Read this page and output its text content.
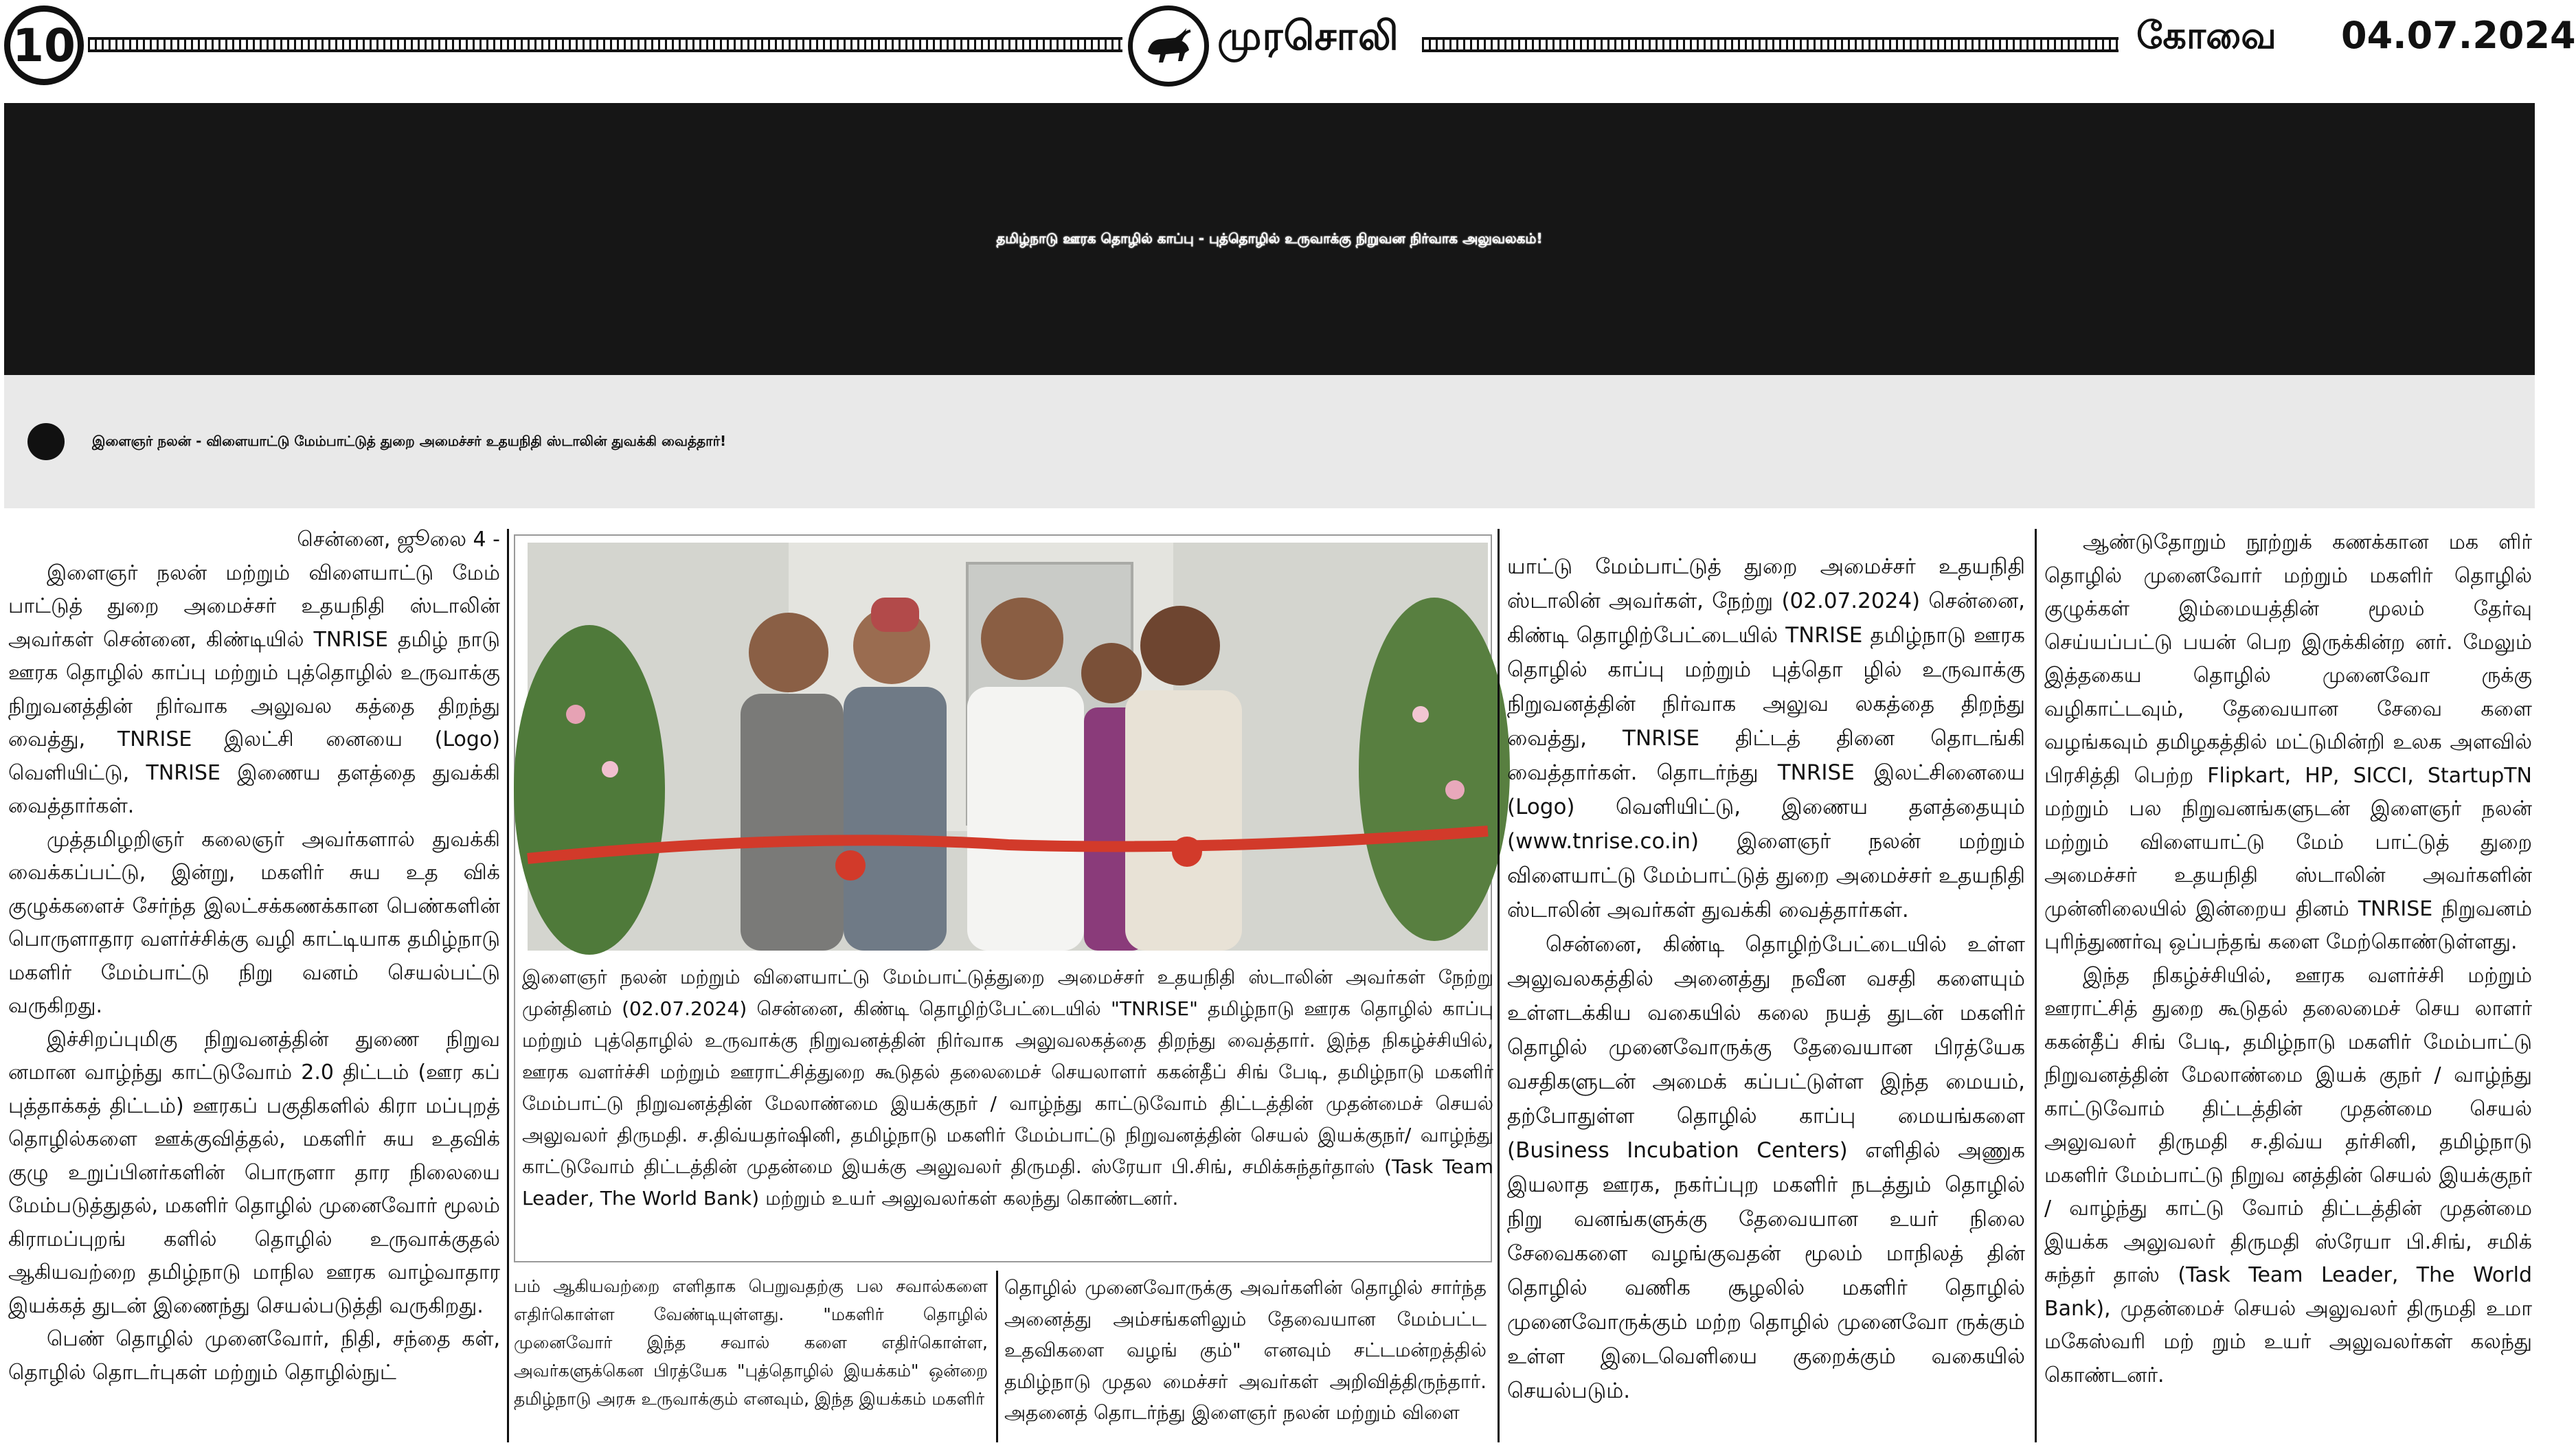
10	முரசொலி	கோவை 04.07.2024
தமிழ்நாடு ஊரக தொழில் காப்பு - புத்தொழில் உருவாக்கு நிறுவன நிர்வாக அலுவலகம்!
இளைஞர் நலன் - விளையாட்டு மேம்பாட்டுத் துறை அமைச்சர் உதயநிதி ஸ்டாலின் துவக்கி வைத்தார்!

சென்னை, ஜூலை 4 -

இளைஞர் நலன் மற்றும் விளையாட்டு மேம் பாட்டுத் துறை அமைச்சர் உதயநிதி ஸ்டாலின் அவர்கள் சென்னை, கிண்டியில் TNRISE தமிழ் நாடு ஊரக தொழில் காப்பு மற்றும் புத்தொழில் உருவாக்கு நிறுவனத்தின் நிர்வாக அலுவல கத்தை திறந்து வைத்து, TNRISE இலட்சி னையை (Logo) வெளியிட்டு, TNRISE இணைய தளத்தை துவக்கி வைத்தார்கள்.

முத்தமிழறிஞர் கலைஞர் அவர்களால் துவக்கி வைக்கப்பட்டு, இன்று, மகளிர் சுய உத விக் குழுக்களைச் சேர்ந்த இலட்சக்கணக்கான பெண்களின் பொருளாதார வளர்ச்சிக்கு வழி காட்டியாக தமிழ்நாடு மகளிர் மேம்பாட்டு நிறு வனம் செயல்பட்டு வருகிறது.

இச்சிறப்புமிகு நிறுவனத்தின் துணை நிறுவ னமான வாழ்ந்து காட்டுவோம் 2.0 திட்டம் (ஊர கப் புத்தாக்கத் திட்டம்) ஊரகப் பகுதிகளில் கிரா மப்புறத் தொழில்களை ஊக்குவித்தல், மகளிர் சுய உதவிக் குழு உறுப்பினர்களின் பொருளா தார நிலையை மேம்படுத்துதல், மகளிர் தொழில் முனைவோர் மூலம் கிராமப்புறங் களில் தொழில் உருவாக்குதல் ஆகியவற்றை தமிழ்நாடு மாநில ஊரக வாழ்வாதார இயக்கத் துடன் இணைந்து செயல்படுத்தி வருகிறது.

பெண் தொழில் முனைவோர், நிதி, சந்தை கள், தொழில் தொடர்புகள் மற்றும் தொழில்நுட்

இளைஞர் நலன் மற்றும் விளையாட்டு மேம்பாட்டுத்துறை அமைச்சர் உதயநிதி ஸ்டாலின் அவர்கள் நேற்று முன்தினம் (02.07.2024) சென்னை, கிண்டி தொழிற்பேட்டையில் "TNRISE" தமிழ்நாடு ஊரக தொழில் காப்பு மற்றும் புத்தொழில் உருவாக்கு நிறுவனத்தின் நிர்வாக அலுவலகத்தை திறந்து வைத்தார். இந்த நிகழ்ச்சியில், ஊரக வளர்ச்சி மற்றும் ஊராட்சித்துறை கூடுதல் தலைமைச் செயலாளர் ககன்தீப் சிங் பேடி, தமிழ்நாடு மகளிர் மேம்பாட்டு நிறுவனத்தின் மேலாண்மை இயக்குநர் / வாழ்ந்து காட்டுவோம் திட்டத்தின் முதன்மைச் செயல் அலுவலர் திருமதி. ச.திவ்யதர்ஷினி, தமிழ்நாடு மகளிர் மேம்பாட்டு நிறுவனத்தின் செயல் இயக்குநர்/ வாழ்ந்து காட்டுவோம் திட்டத்தின் முதன்மை இயக்கு அலுவலர் திருமதி. ஸ்ரேயா பி.சிங், சமிக்சுந்தர்தாஸ் (Task Team Leader, The World Bank) மற்றும் உயர் அலுவலர்கள் கலந்து கொண்டனர்.

பம் ஆகியவற்றை எளிதாக பெறுவதற்கு பல சவால்களை எதிர்கொள்ள வேண்டியுள்ளது. "மகளிர் தொழில் முனைவோர் இந்த சவால் களை எதிர்கொள்ள, அவர்களுக்கென பிரத்யேக "புத்தொழில் இயக்கம்" ஒன்றை தமிழ்நாடு அரசு உருவாக்கும் எனவும், இந்த இயக்கம் மகளிர்

தொழில் முனைவோருக்கு அவர்களின் தொழில் சார்ந்த அனைத்து அம்சங்களிலும் தேவையான மேம்பட்ட உதவிகளை வழங் கும்" எனவும் சட்டமன்றத்தில் தமிழ்நாடு முதல மைச்சர் அவர்கள் அறிவித்திருந்தார். அதனைத் தொடர்ந்து இளைஞர் நலன் மற்றும் விளை

யாட்டு மேம்பாட்டுத் துறை அமைச்சர் உதயநிதி ஸ்டாலின் அவர்கள், நேற்று (02.07.2024) சென்னை, கிண்டி தொழிற்பேட்டையில் TNRISE தமிழ்நாடு ஊரக தொழில் காப்பு மற்றும் புத்தொ ழில் உருவாக்கு நிறுவனத்தின் நிர்வாக அலுவ லகத்தை திறந்து வைத்து, TNRISE திட்டத் தினை தொடங்கி வைத்தார்கள். தொடர்ந்து TNRISE இலட்சினையை (Logo) வெளியிட்டு, இணைய தளத்தையும் (www.tnrise.co.in) இளைஞர் நலன் மற்றும் விளையாட்டு மேம்பாட்டுத் துறை அமைச்சர் உதயநிதி ஸ்டாலின் அவர்கள் துவக்கி வைத்தார்கள்.

சென்னை, கிண்டி தொழிற்பேட்டையில் உள்ள அலுவலகத்தில் அனைத்து நவீன வசதி களையும் உள்ளடக்கிய வகையில் கலை நயத் துடன் மகளிர் தொழில் முனைவோருக்கு தேவையான பிரத்யேக வசதிகளுடன் அமைக் கப்பட்டுள்ள இந்த மையம், தற்போதுள்ள தொழில் காப்பு மையங்களை (Business Incubation Centers) எளிதில் அணுக இயலாத ஊரக, நகர்ப்புற மகளிர் நடத்தும் தொழில் நிறு வனங்களுக்கு தேவையான உயர் நிலை சேவைகளை வழங்குவதன் மூலம் மாநிலத் தின் தொழில் வணிக சூழலில் மகளிர் தொழில் முனைவோருக்கும் மற்ற தொழில் முனைவோ ருக்கும் உள்ள இடைவெளியை குறைக்கும் வகையில் செயல்படும்.

ஆண்டுதோறும் நூற்றுக் கணக்கான மக ளிர் தொழில் முனைவோர் மற்றும் மகளிர் தொழில் குழுக்கள் இம்மையத்தின் மூலம் தேர்வு செய்யப்பட்டு பயன் பெற இருக்கின்ற னர். மேலும் இத்தகைய தொழில் முனைவோ ருக்கு வழிகாட்டவும், தேவையான சேவை களை வழங்கவும் தமிழகத்தில் மட்டுமின்றி உலக அளவில் பிரசித்தி பெற்ற Flipkart, HP, SICCI, StartupTN மற்றும் பல நிறுவனங்களுடன் இளைஞர் நலன் மற்றும் விளையாட்டு மேம் பாட்டுத் துறை அமைச்சர் உதயநிதி ஸ்டாலின் அவர்களின் முன்னிலையில் இன்றைய தினம் TNRISE நிறுவனம் புரிந்துணர்வு ஒப்பந்தங் களை மேற்கொண்டுள்ளது.

இந்த நிகழ்ச்சியில், ஊரக வளர்ச்சி மற்றும் ஊராட்சித் துறை கூடுதல் தலைமைச் செய லாளர் ககன்தீப் சிங் பேடி, தமிழ்நாடு மகளிர் மேம்பாட்டு நிறுவனத்தின் மேலாண்மை இயக் குநர் / வாழ்ந்து காட்டுவோம் திட்டத்தின் முதன்மை செயல் அலுவலர் திருமதி ச.திவ்ய தர்சினி, தமிழ்நாடு மகளிர் மேம்பாட்டு நிறுவ னத்தின் செயல் இயக்குநர் / வாழ்ந்து காட்டு வோம் திட்டத்தின் முதன்மை இயக்க அலுவலர் திருமதி ஸ்ரேயா பி.சிங், சமிக் சுந்தர் தாஸ் (Task Team Leader, The World Bank), முதன்மைச் செயல் அலுவலர் திருமதி உமா மகேஸ்வரி மற் றும் உயர் அலுவலர்கள் கலந்து கொண்டனர்.
